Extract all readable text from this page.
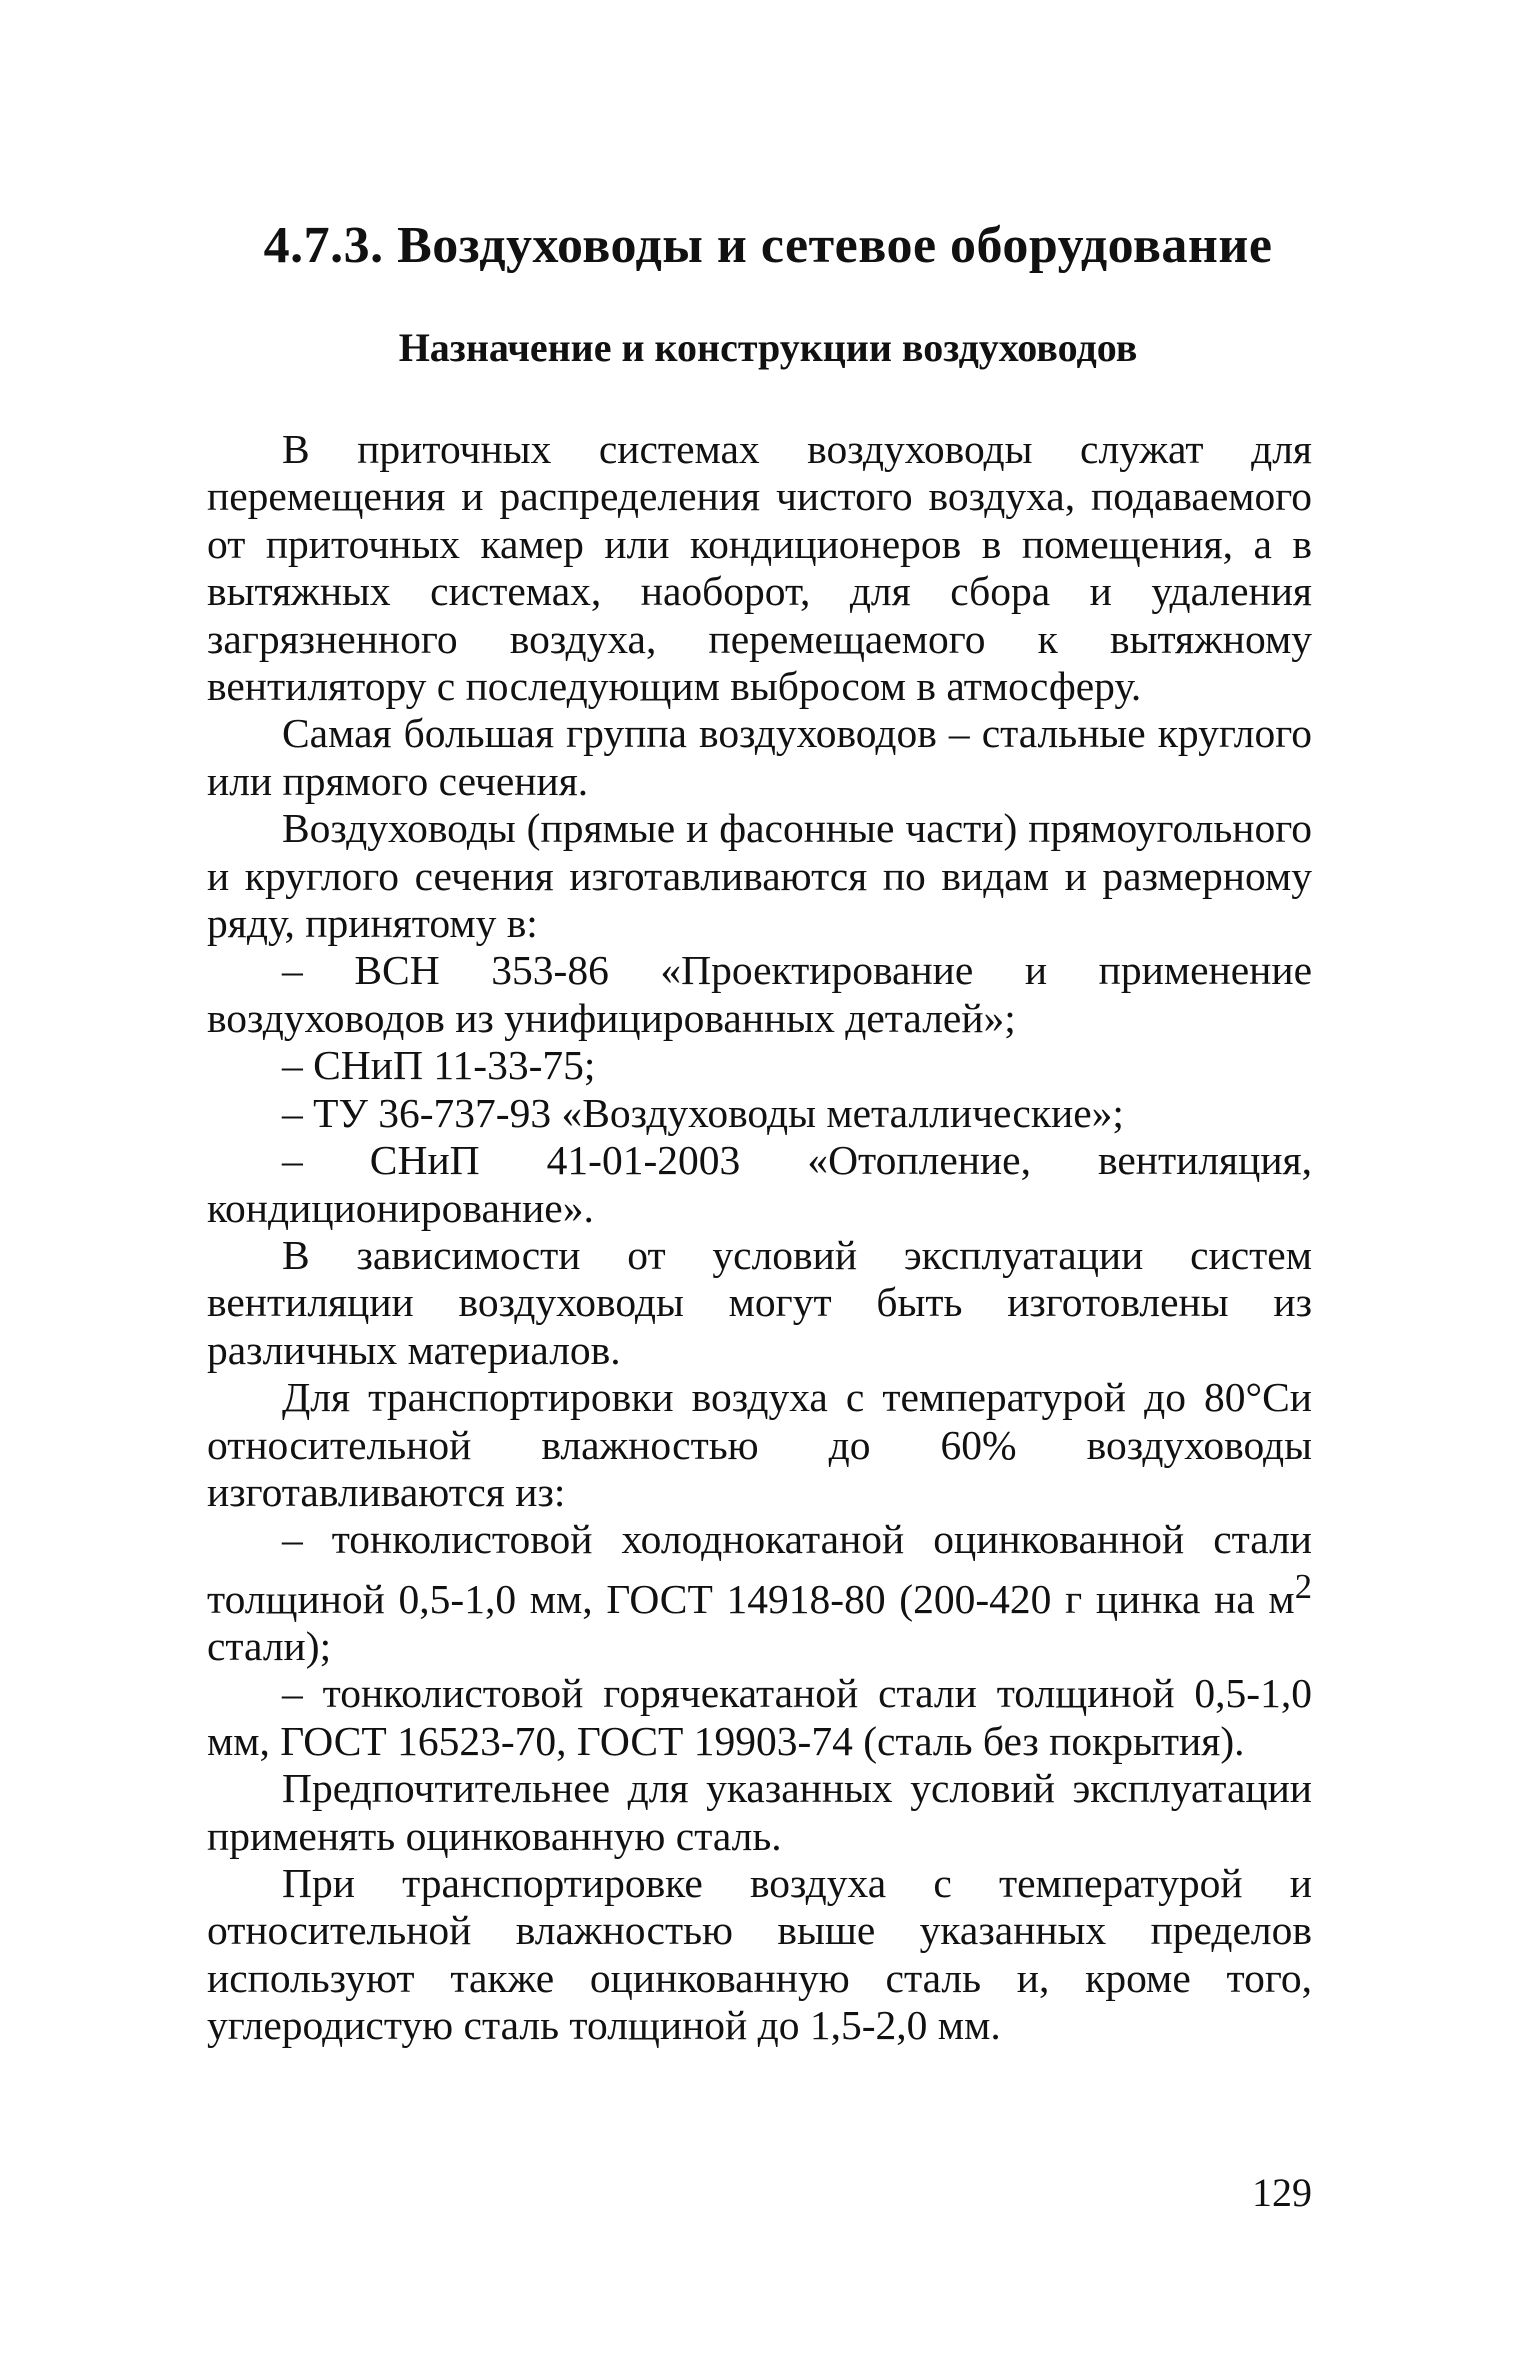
4.7.3. Воздуховоды и сетевое оборудование
Назначение и конструкции воздуховодов

В приточных системах воздуховоды служат для перемещения и распределения чистого воздуха, подаваемого от приточных камер или кондиционеров в помещения, а в вытяжных системах, наоборот, для сбора и удаления загрязненного воздуха, перемещаемого к вытяжному вентилятору с последующим выбросом в атмосферу.

Самая большая группа воздуховодов – стальные круглого или прямого сечения.

Воздуховоды (прямые и фасонные части) прямоугольного и круглого сечения изготавливаются по видам и размерному ряду, принятому в:

– ВСН 353-86 «Проектирование и применение воздуховодов из унифицированных деталей»;

– СНиП 11-33-75;

– ТУ 36-737-93 «Воздуховоды металлические»;

– СНиП 41-01-2003 «Отопление, вентиляция, кондиционирование».

В зависимости от условий эксплуатации систем вентиляции воздуховоды могут быть изготовлены из различных материалов.

Для транспортировки воздуха с температурой до 80°Си относительной влажностью до 60% воздуховоды изготавливаются из:

– тонколистовой холоднокатаной оцинкованной стали толщиной 0,5-1,0 мм, ГОСТ 14918-80 (200-420 г цинка на $м^2$ стали);

– тонколистовой горячекатаной стали толщиной 0,5-1,0 мм, ГОСТ 16523-70, ГОСТ 19903-74 (сталь без покрытия).

Предпочтительнее для указанных условий эксплуатации применять оцинкованную сталь.

При транспортировке воздуха с температурой и относительной влажностью выше указанных пределов используют также оцинкованную сталь и, кроме того, углеродистую сталь толщиной до 1,5-2,0 мм.

129
